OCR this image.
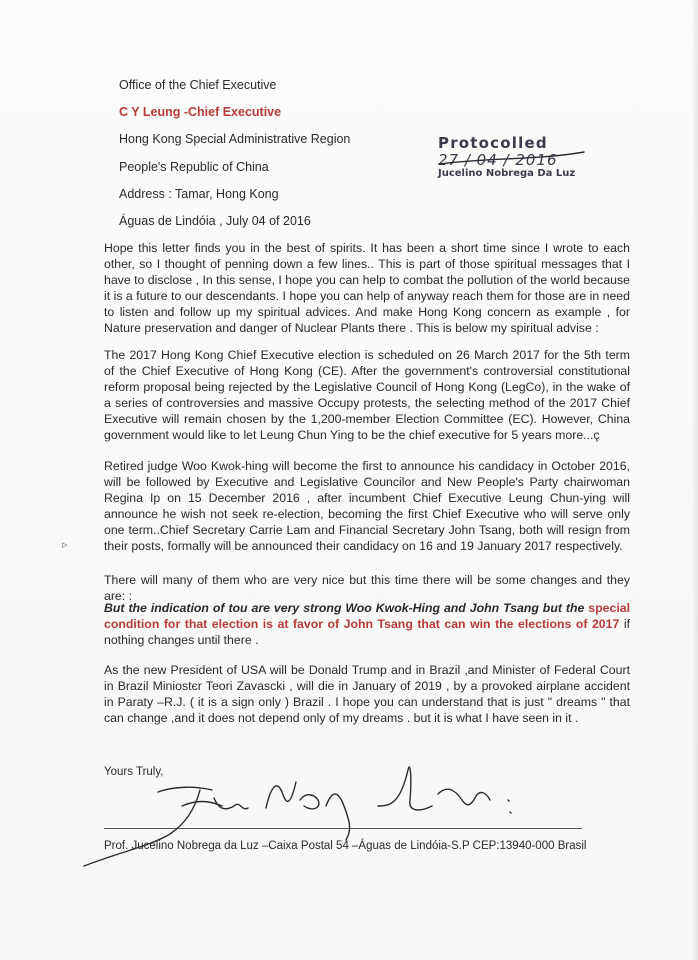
Office of the Chief Executive
C Y Leung -Chief Executive
Hong Kong Special Administrative Region
People's Republic of China
Address : Tamar, Hong Kong
Águas de Lindóia , July 04 of 2016
Protocolled
27 / 04 / 2016
Jucelino Nobrega Da Luz
Hope this letter finds you in the best of spirits. It has been a short time since I wrote to each other, so I thought of penning down a few lines.. This is part of those spiritual messages that I have to disclose , In this sense, I hope you can help to combat the pollution of the world because it is a future to our descendants. I hope you can help of anyway reach them for those are in need to listen and follow up my spiritual advices. And make Hong Kong concern as example , for Nature preservation and danger of Nuclear Plants there . This is below my spiritual advise :
The 2017 Hong Kong Chief Executive election is scheduled on 26 March 2017 for the 5th term of the Chief Executive of Hong Kong (CE). After the government's controversial constitutional reform proposal being rejected by the Legislative Council of Hong Kong (LegCo), in the wake of a series of controversies and massive Occupy protests, the selecting method of the 2017 Chief Executive will remain chosen by the 1,200-member Election Committee (EC). However, China government would like to let Leung Chun Ying to be the chief executive for 5 years more...ç
Retired judge Woo Kwok-hing will become the first to announce his candidacy in October 2016, will be followed by Executive and Legislative Councilor and New People's Party chairwoman Regina Ip on 15 December 2016 , after incumbent Chief Executive Leung Chun-ying will announce he wish not seek re-election, becoming the first Chief Executive who will serve only one term..Chief Secretary Carrie Lam and Financial Secretary John Tsang, both will resign from their posts, formally will be announced their candidacy on 16 and 19 January 2017 respectively.
There will many of them who are very nice but this time there will be some changes and they are: :
But the indication of tou are very strong Woo Kwok-Hing and John Tsang but the special condition for that election is at favor of John Tsang that can win the elections of 2017 if nothing changes until there .
As the new President of USA will be Donald Trump and in Brazil ,and Minister of Federal Court in Brazil Miniostєr Teori Zavascki , will die in January of 2019 , by a provoked airplane accident in Paraty –R.J. ( it is a sign only ) Brazil . I hope you can understand that is just " dreams " that can change ,and it does not depend only of my dreams . but it is what I have seen in it .
Yours Truly,
Prof. Jucelino Nobrega da Luz –Caixa Postal 54 –Águas de Lindóia-S.P CEP:13940-000 Brasil
▹
